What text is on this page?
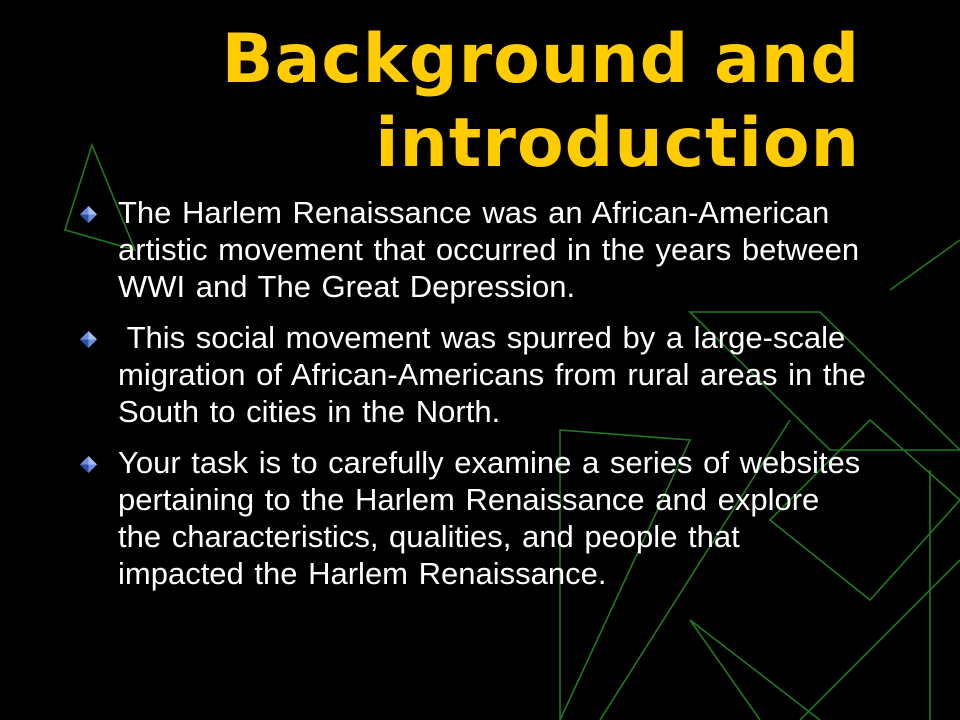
Background and
introduction
The Harlem Renaissance was an African-American artistic movement that occurred in the years between WWI and The Great Depression.
This social movement was spurred by a large-scale migration of African-Americans from rural areas in the South to cities in the North.
Your task is to carefully examine a series of websites pertaining to the Harlem Renaissance and explore the characteristics, qualities, and people that impacted the Harlem Renaissance.
